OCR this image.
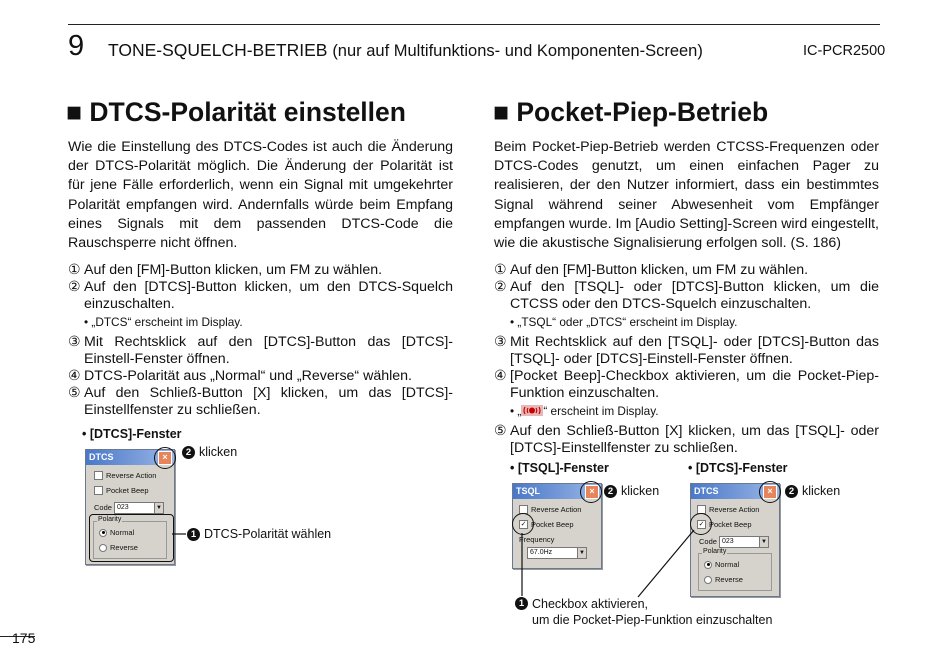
9 TONE-SQUELCH-BETRIEB (nur auf Multifunktions- und Komponenten-Screen)	IC-PCR2500
■ DTCS-Polarität einstellen
Wie die Einstellung des DTCS-Codes ist auch die Änderung der DTCS-Polarität möglich. Die Änderung der Polarität ist für jene Fälle erforderlich, wenn ein Signal mit umgekehrter Polarität empfangen wird. Andernfalls würde beim Empfang eines Signals mit dem passenden DTCS-Code die Rauschsperre nicht öffnen.
① Auf den [FM]-Button klicken, um FM zu wählen.
② Auf den [DTCS]-Button klicken, um den DTCS-Squelch einzuschalten.
• „DTCS“ erscheint im Display.
③ Mit Rechtsklick auf den [DTCS]-Button das [DTCS]-Einstell-Fenster öffnen.
④ DTCS-Polarität aus „Normal“ und „Reverse“ wählen.
⑤ Auf den Schließ-Button [X] klicken, um das [DTCS]-Einstellfenster zu schließen.
• [DTCS]-Fenster
DTCS	×
Reverse Action
Pocket Beep
Code 023	▼
Polarity
Normal
Reverse
2 klicken
1 DTCS-Polarität wählen
■ Pocket-Piep-Betrieb
Beim Pocket-Piep-Betrieb werden CTCSS-Frequenzen oder DTCS-Codes genutzt, um einen einfachen Pager zu realisieren, der den Nutzer informiert, dass ein bestimmtes Signal während seiner Abwesenheit vom Empfänger empfangen wurde. Im [Audio Setting]-Screen wird eingestellt, wie die akustische Signalisierung erfolgen soll. (S. 186)
① Auf den [FM]-Button klicken, um FM zu wählen.
② Auf den [TSQL]- oder [DTCS]-Button klicken, um die CTCSS oder den DTCS-Squelch einzuschalten.
• „TSQL“ oder „DTCS“ erscheint im Display.
③ Mit Rechtsklick auf den [TSQL]- oder [DTCS]-Button das [TSQL]- oder [DTCS]-Einstell-Fenster öffnen.
④ [Pocket Beep]-Checkbox aktivieren, um die Pocket-Piep-Funktion einzuschalten.
• „ “ erscheint im Display.
⑤ Auf den Schließ-Button [X] klicken, um das [TSQL]- oder [DTCS]-Einstellfenster zu schließen.
• [TSQL]-Fenster	• [DTCS]-Fenster
TSQL	×
Reverse Action
✓ Pocket Beep
Frequency
67.0Hz	▼
2 klicken	DTCS	×
Reverse Action
✓ Pocket Beep
Code 023	▼
Polarity
Normal
Reverse
2 klicken
1 Checkbox aktivieren,
um die Pocket-Piep-Funktion einzuschalten
175
